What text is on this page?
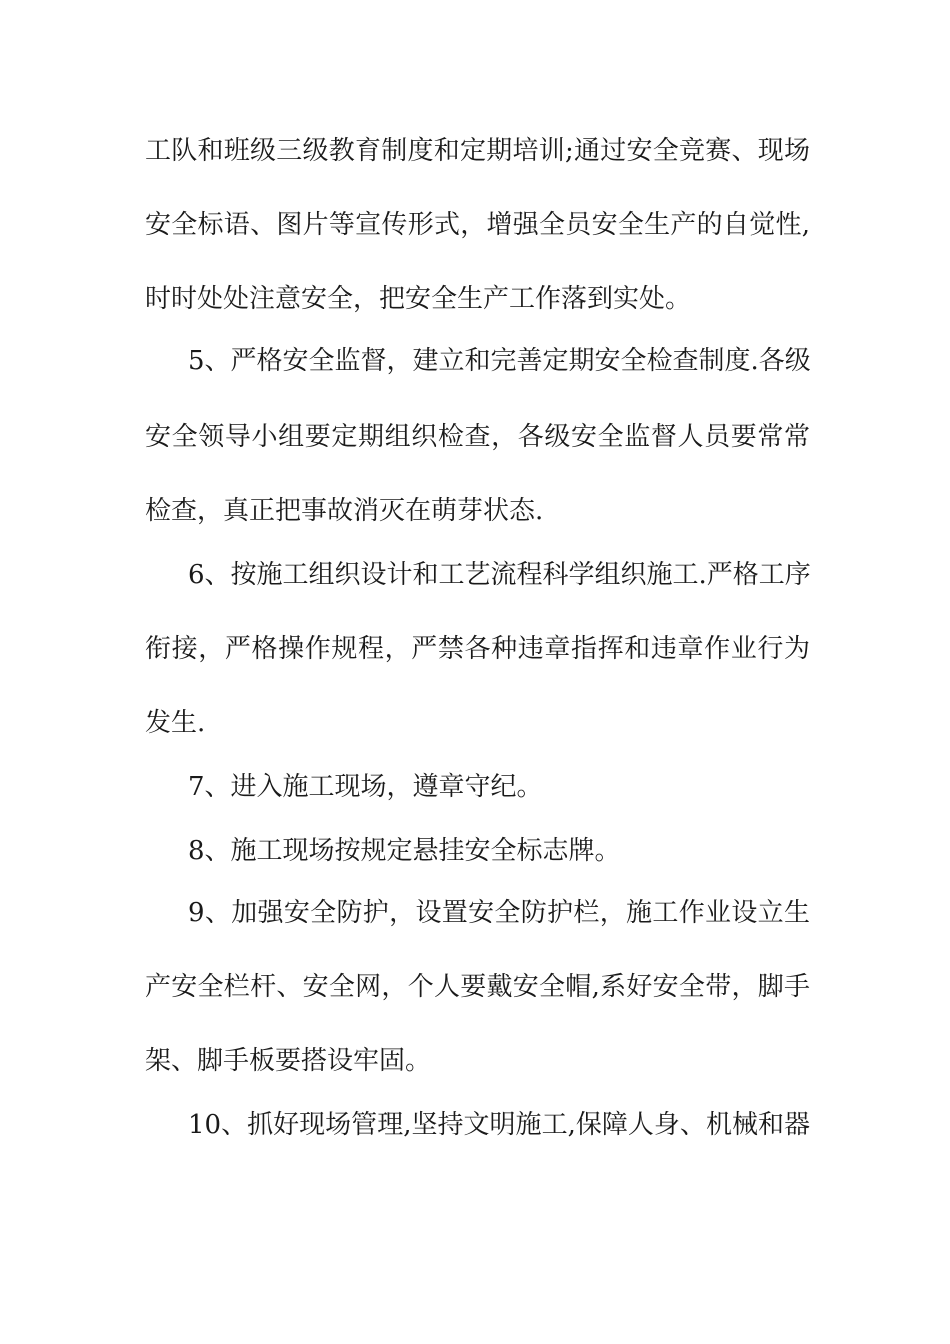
工队和班级三级教育制度和定期培训;通过安全竞赛、现场
安全标语、图片等宣传形式，增强全员安全生产的自觉性,
时时处处注意安全，把安全生产工作落到实处。
5、严格安全监督，建立和完善定期安全检查制度.各级
安全领导小组要定期组织检查，各级安全监督人员要常常
检查，真正把事故消灭在萌芽状态.
6、按施工组织设计和工艺流程科学组织施工.严格工序
衔接，严格操作规程，严禁各种违章指挥和违章作业行为
发生.
7、进入施工现场，遵章守纪。
8、施工现场按规定悬挂安全标志牌。
9、加强安全防护，设置安全防护栏，施工作业设立生
产安全栏杆、安全网，个人要戴安全帽,系好安全带，脚手
架、脚手板要搭设牢固。
10、抓好现场管理,坚持文明施工,保障人身、机械和器
